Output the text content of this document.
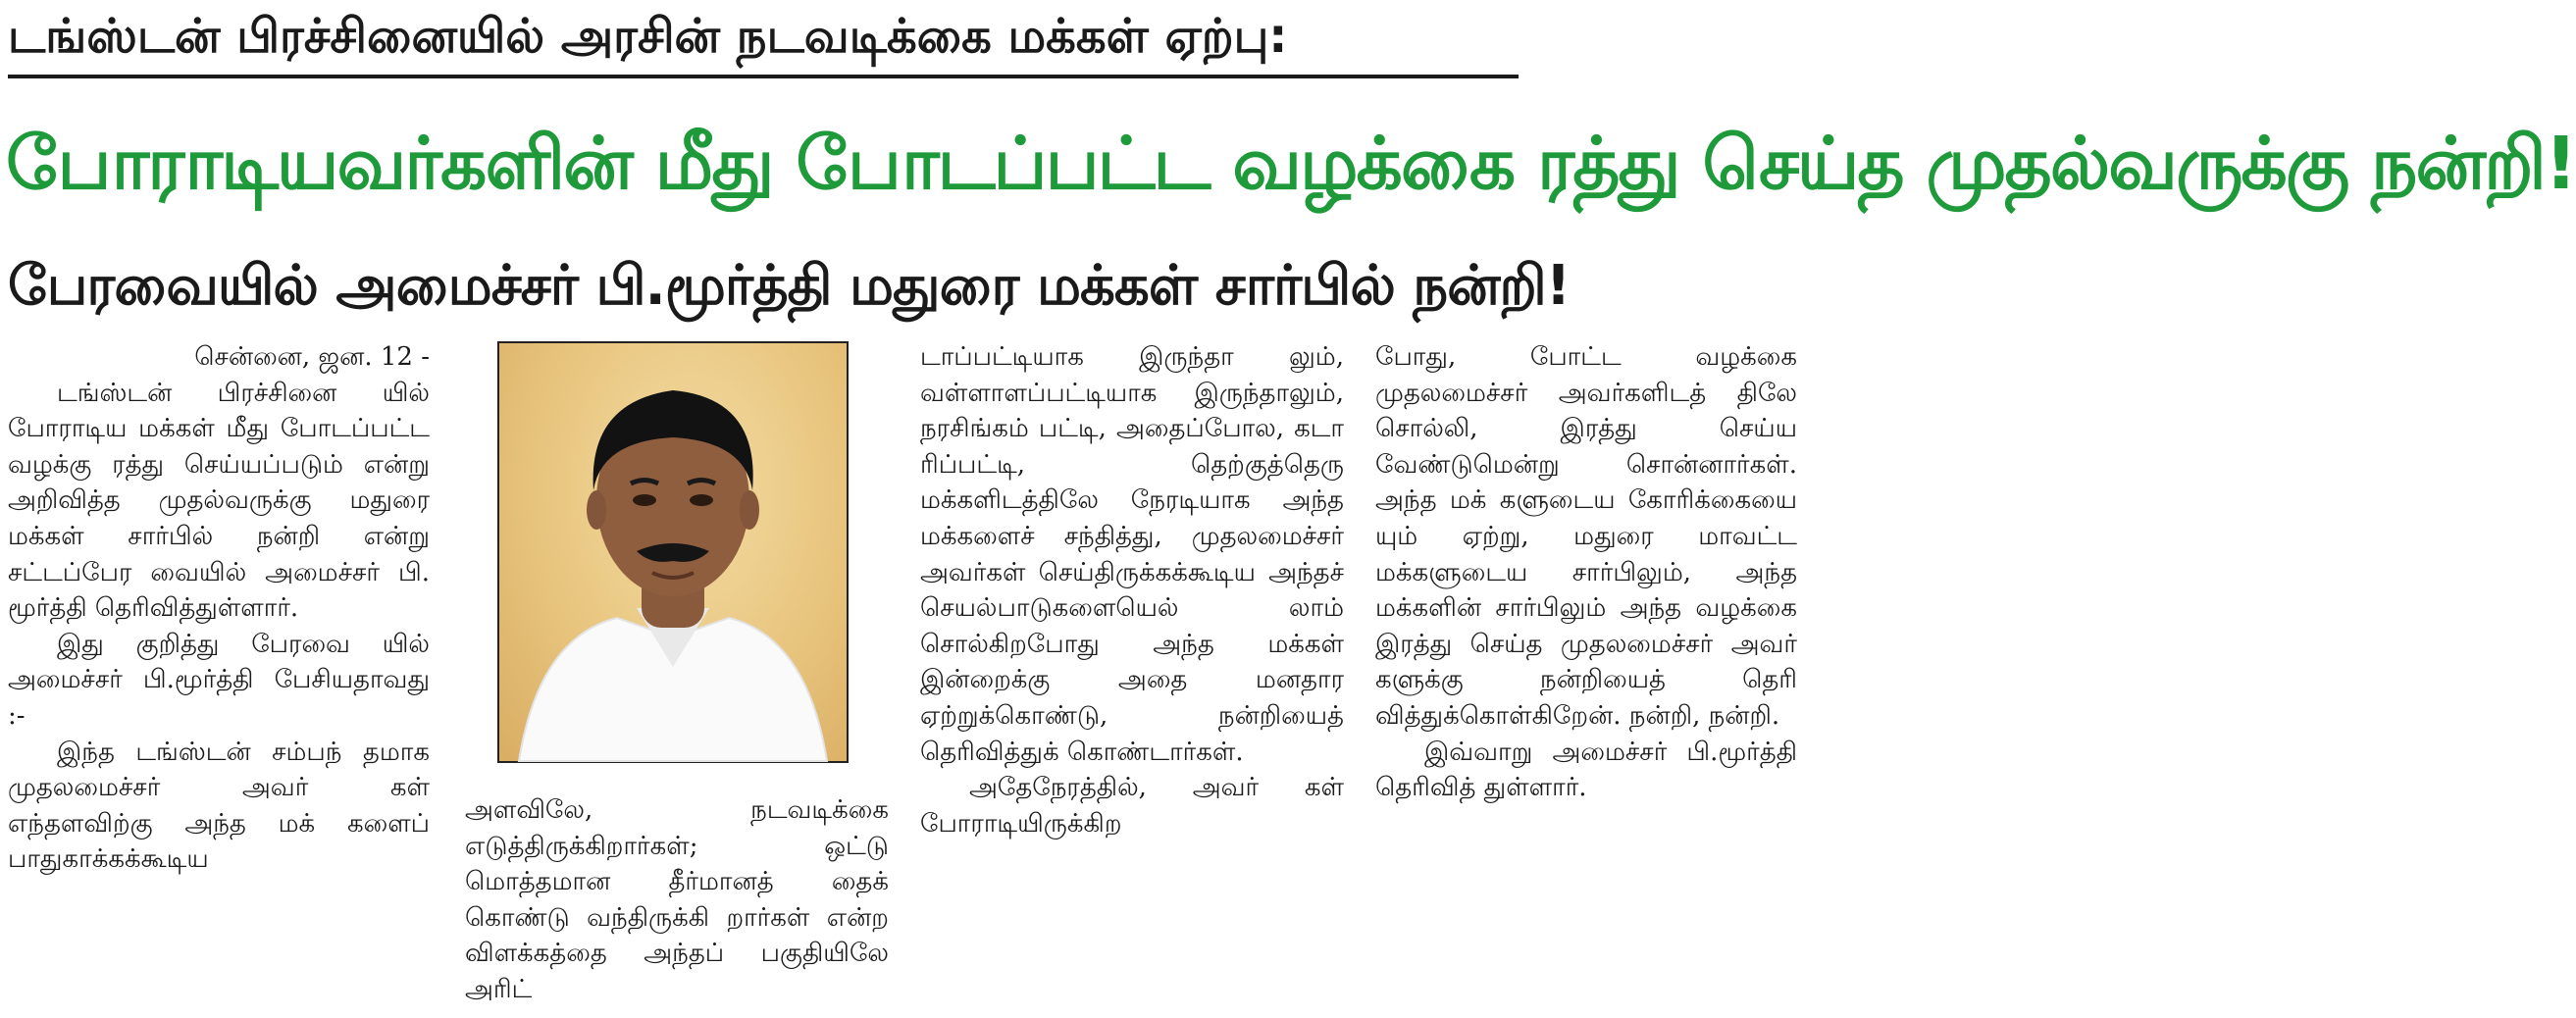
டங்ஸ்டன் பிரச்சினையில் அரசின் நடவடிக்கை மக்கள் ஏற்பு:
போராடியவர்களின் மீது போடப்பட்ட வழக்கை ரத்து செய்த முதல்வருக்கு நன்றி!
பேரவையில் அமைச்சர் பி.மூர்த்தி மதுரை மக்கள் சார்பில் நன்றி!

சென்னை, ஜன. 12 -

டங்ஸ்டன் பிரச்சினை யில் போராடிய மக்கள் மீது போடப்பட்ட வழக்கு ரத்து செய்யப்படும் என்று அறிவித்த முதல்வருக்கு மதுரை மக்கள் சார்பில் நன்றி என்று சட்டப்பேர வையில் அமைச்சர் பி. மூர்த்தி தெரிவித்துள்ளார்.

இது குறித்து பேரவை யில் அமைச்சர் பி.மூர்த்தி பேசியதாவது :-

இந்த டங்ஸ்டன் சம்பந் தமாக முதலமைச்சர் அவர் கள் எந்தளவிற்கு அந்த மக் களைப் பாதுகாக்கக்கூடிய

அளவிலே, நடவடிக்கை எடுத்திருக்கிறார்கள்; ஒட்டு மொத்தமான தீர்மானத் தைக் கொண்டு வந்திருக்கி றார்கள் என்ற விளக்கத்தை அந்தப் பகுதியிலே அரிட்

டாப்பட்டியாக இருந்தா லும், வள்ளாளப்பட்டியாக இருந்தாலும், நரசிங்கம் பட்டி, அதைப்போல, கடா ரிப்பட்டி, தெற்குத்தெரு மக்களிடத்திலே நேரடியாக அந்த மக்களைச் சந்தித்து, முதலமைச்சர் அவர்கள் செய்திருக்கக்கூடிய அந்தச் செயல்பாடுகளையெல் லாம் சொல்கிறபோது அந்த மக்கள் இன்றைக்கு அதை மனதார ஏற்றுக்கொண்டு, நன்றியைத் தெரிவித்துக் கொண்டார்கள்.

அதேநேரத்தில், அவர் கள் போராடியிருக்கிற

போது, போட்ட வழக்கை முதலமைச்சர் அவர்களிடத் திலே சொல்லி, இரத்து செய்ய வேண்டுமென்று சொன்னார்கள். அந்த மக் களுடைய கோரிக்கையை யும் ஏற்று, மதுரை மாவட்ட மக்களுடைய சார்பிலும், அந்த மக்களின் சார்பிலும் அந்த வழக்கை இரத்து செய்த முதலமைச்சர் அவர் களுக்கு நன்றியைத் தெரி வித்துக்கொள்கிறேன். நன்றி, நன்றி.

இவ்வாறு அமைச்சர் பி.மூர்த்தி தெரிவித் துள்ளார்.
